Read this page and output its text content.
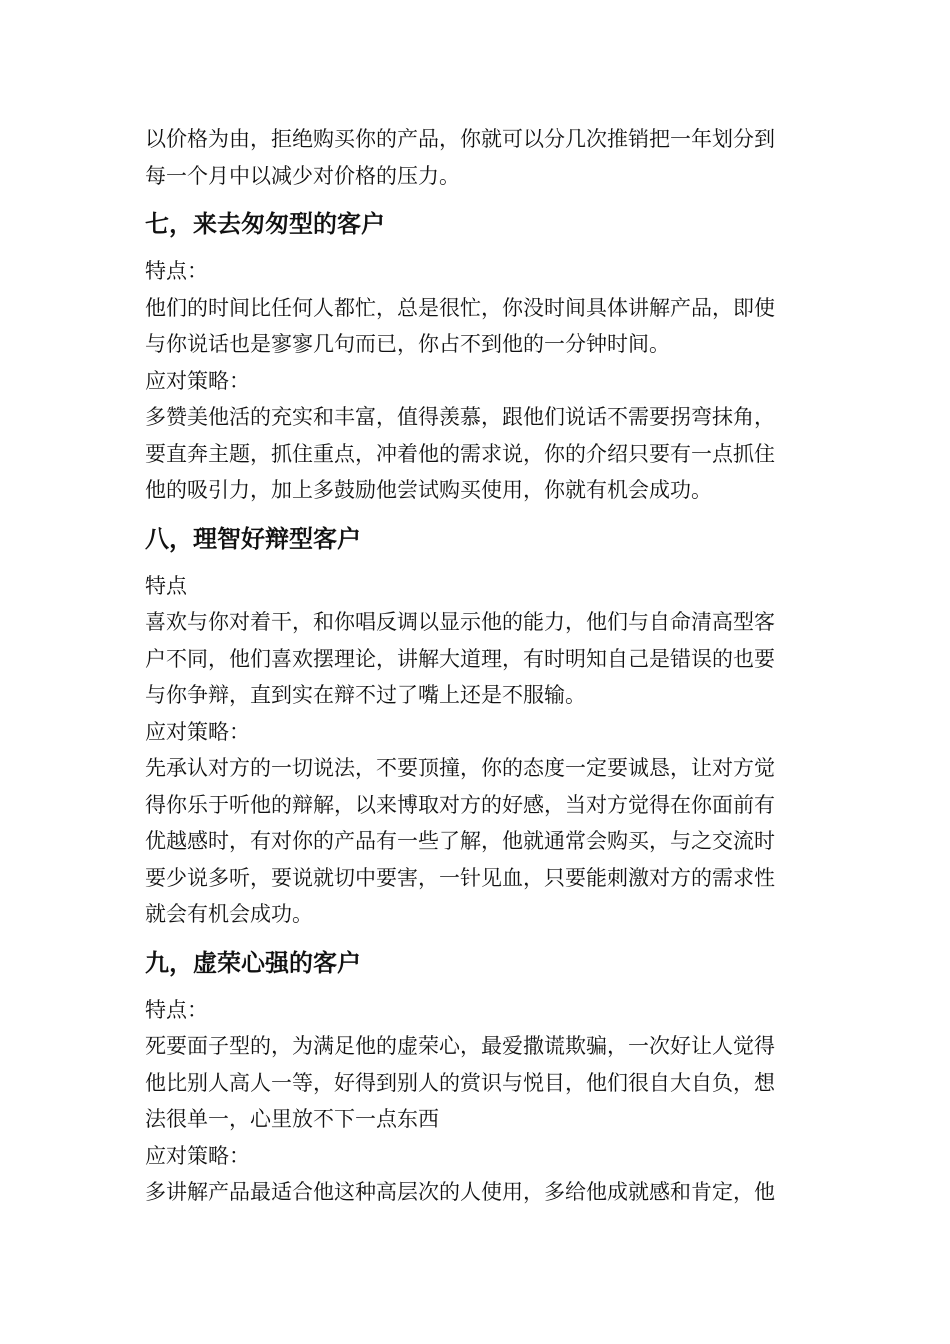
以价格为由，拒绝购买你的产品，你就可以分几次推销把一年划分到

每一个月中以减少对价格的压力。

七，来去匆匆型的客户

特点：

他们的时间比任何人都忙，总是很忙，你没时间具体讲解产品，即使

与你说话也是寥寥几句而已，你占不到他的一分钟时间。

应对策略：

多赞美他活的充实和丰富，值得羡慕，跟他们说话不需要拐弯抹角，

要直奔主题，抓住重点，冲着他的需求说，你的介绍只要有一点抓住

他的吸引力，加上多鼓励他尝试购买使用，你就有机会成功。

八，理智好辩型客户

特点

喜欢与你对着干，和你唱反调以显示他的能力，他们与自命清高型客

户不同，他们喜欢摆理论，讲解大道理，有时明知自己是错误的也要

与你争辩，直到实在辩不过了嘴上还是不服输。

应对策略：

先承认对方的一切说法，不要顶撞，你的态度一定要诚恳，让对方觉

得你乐于听他的辩解，以来博取对方的好感，当对方觉得在你面前有

优越感时，有对你的产品有一些了解，他就通常会购买，与之交流时

要少说多听，要说就切中要害，一针见血，只要能刺激对方的需求性

就会有机会成功。

九，虚荣心强的客户

特点：

死要面子型的，为满足他的虚荣心，最爱撒谎欺骗，一次好让人觉得

他比别人高人一等，好得到别人的赏识与悦目，他们很自大自负，想

法很单一，心里放不下一点东西

应对策略：

多讲解产品最适合他这种高层次的人使用，多给他成就感和肯定，他
